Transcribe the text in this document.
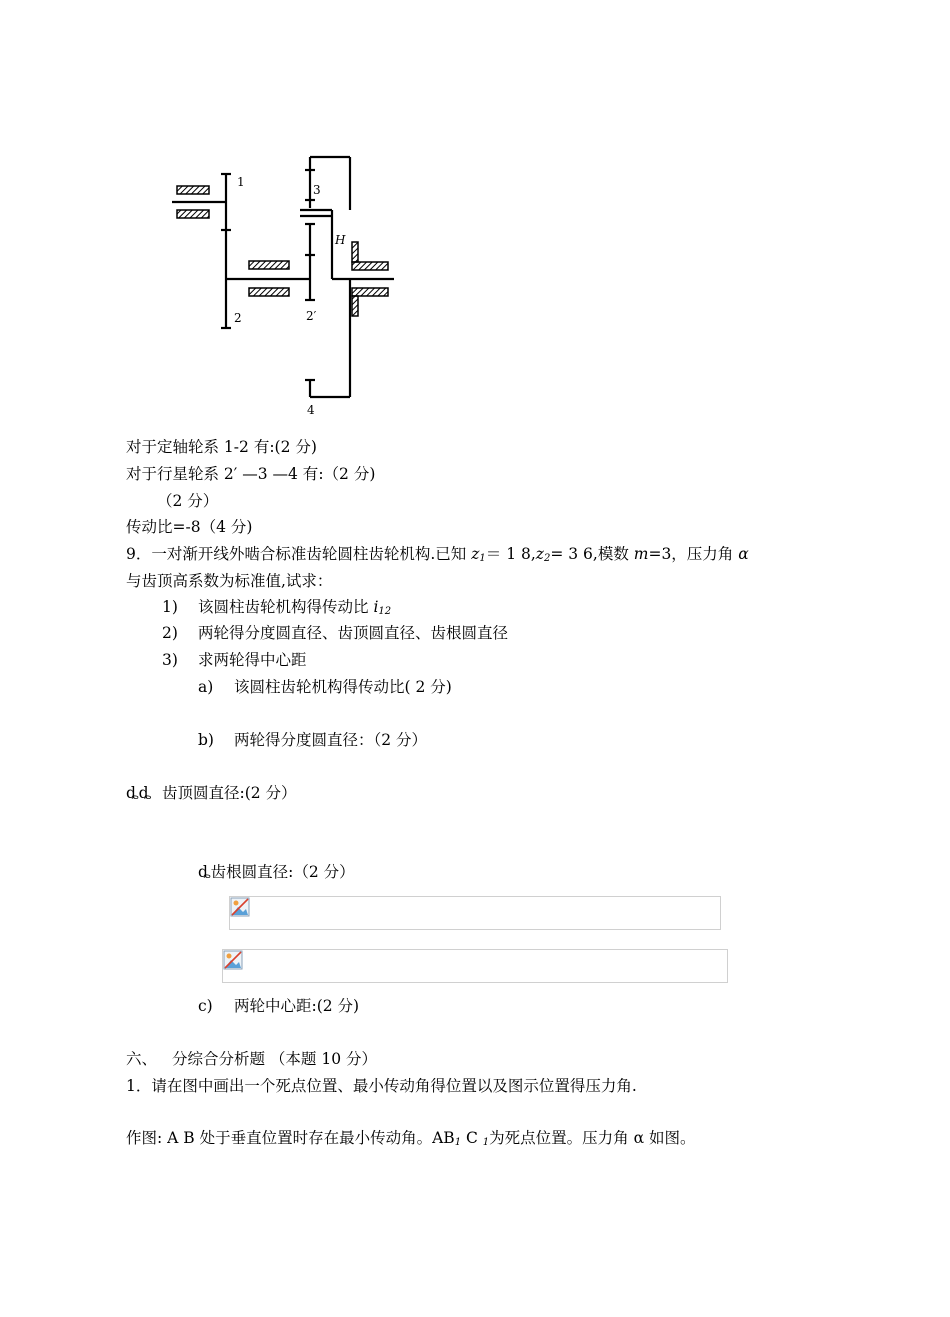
1
2	2′
3
4
H
对于定轴轮系 1-2 有:(2 分)
对于行星轮系 2′ —3 —4 有:（2 分)
（2 分）
传动比=-8（4 分)
9．一对渐开线外啮合标准齿轮圆柱齿轮机构.已知 $z_1= 1$ $8,z_2= 3$ 6,模数 m=3，压力角 α
与齿顶高系数为标准值,试求：
1) 该圆柱齿轮机构得传动比 $i_{12}$
2) 两轮得分度圆直径、齿顶圆直径、齿根圆直径
3) 求两轮得中心距
a) 该圆柱齿轮机构得传动比( 2 分)
b) 两轮得分度圆直径：（2 分）
ȡȡ 齿顶圆直径:(2 分）
ȡ齿根圆直径:（2 分）
c) 两轮中心距:(2 分)
六、 分综合分析题 （本题 10 分）
1．请在图中画出一个死点位置、最小传动角得位置以及图示位置得压力角.
作图: A B 处于垂直位置时存在最小传动角。$AB_1$ C $_1$为死点位置。压力角 α 如图。
